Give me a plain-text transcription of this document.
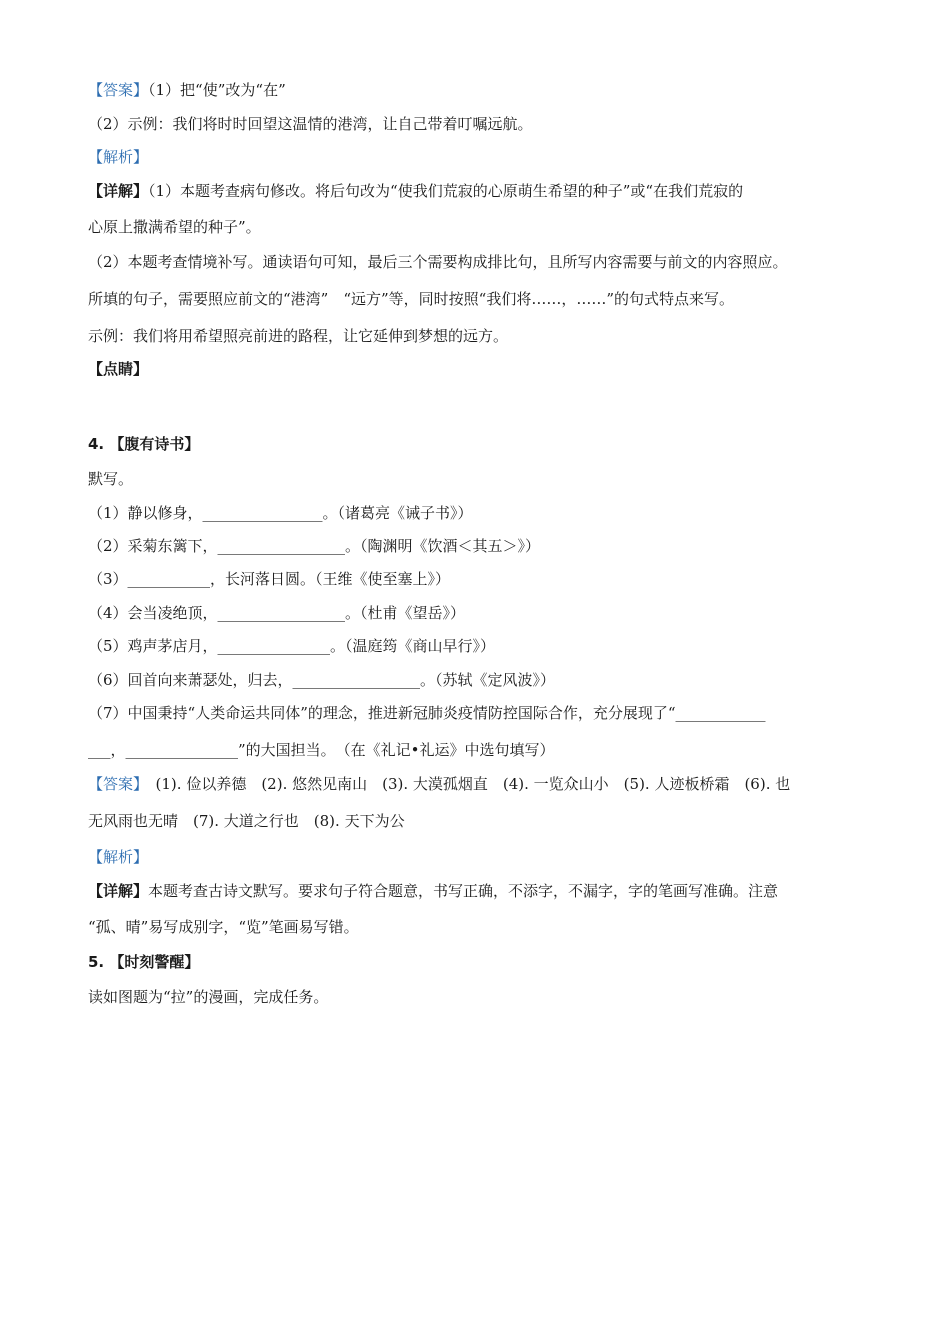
【答案】（1）把“使”改为“在”
（2）示例：我们将时时回望这温情的港湾，让自己带着叮嘱远航。
【解析】
【详解】（1）本题考查病句修改。将后句改为“使我们荒寂的心原萌生希望的种子”或“在我们荒寂的
心原上撒满希望的种子”。
（2）本题考查情境补写。通读语句可知，最后三个需要构成排比句，且所写内容需要与前文的内容照应。
所填的句子，需要照应前文的“港湾”　“远方”等，同时按照“我们将……，……”的句式特点来写。
示例：我们将用希望照亮前进的路程，让它延伸到梦想的远方。
【点睛】
4. 【腹有诗书】
默写。
（1）静以修身，________________。（诸葛亮《诫子书》）
（2）采菊东篱下，_________________。（陶渊明《饮酒＜其五＞》）
（3）___________，长河落日圆。（王维《使至塞上》）
（4）会当凌绝顶，_________________。（杜甫《望岳》）
（5）鸡声茅店月，_______________。（温庭筠《商山早行》）
（6）回首向来萧瑟处，归去，_________________。（苏轼《定风波》）
（7）中国秉持“人类命运共同体”的理念，推进新冠肺炎疫情防控国际合作，充分展现了“____________
___，_______________”的大国担当。　（在《礼记•礼运》中选句填写）
【答案】　 (1). 俭以养德　(2). 悠然见南山　(3). 大漠孤烟直　(4). 一览众山小　(5). 人迹板桥霜　(6). 也
无风雨也无晴　(7). 大道之行也　(8). 天下为公
【解析】
【详解】本题考查古诗文默写。要求句子符合题意，书写正确，不添字，不漏字，字的笔画写准确。注意
“孤、晴”易写成别字，“览”笔画易写错。
5. 【时刻警醒】
读如图题为“拉”的漫画，完成任务。
